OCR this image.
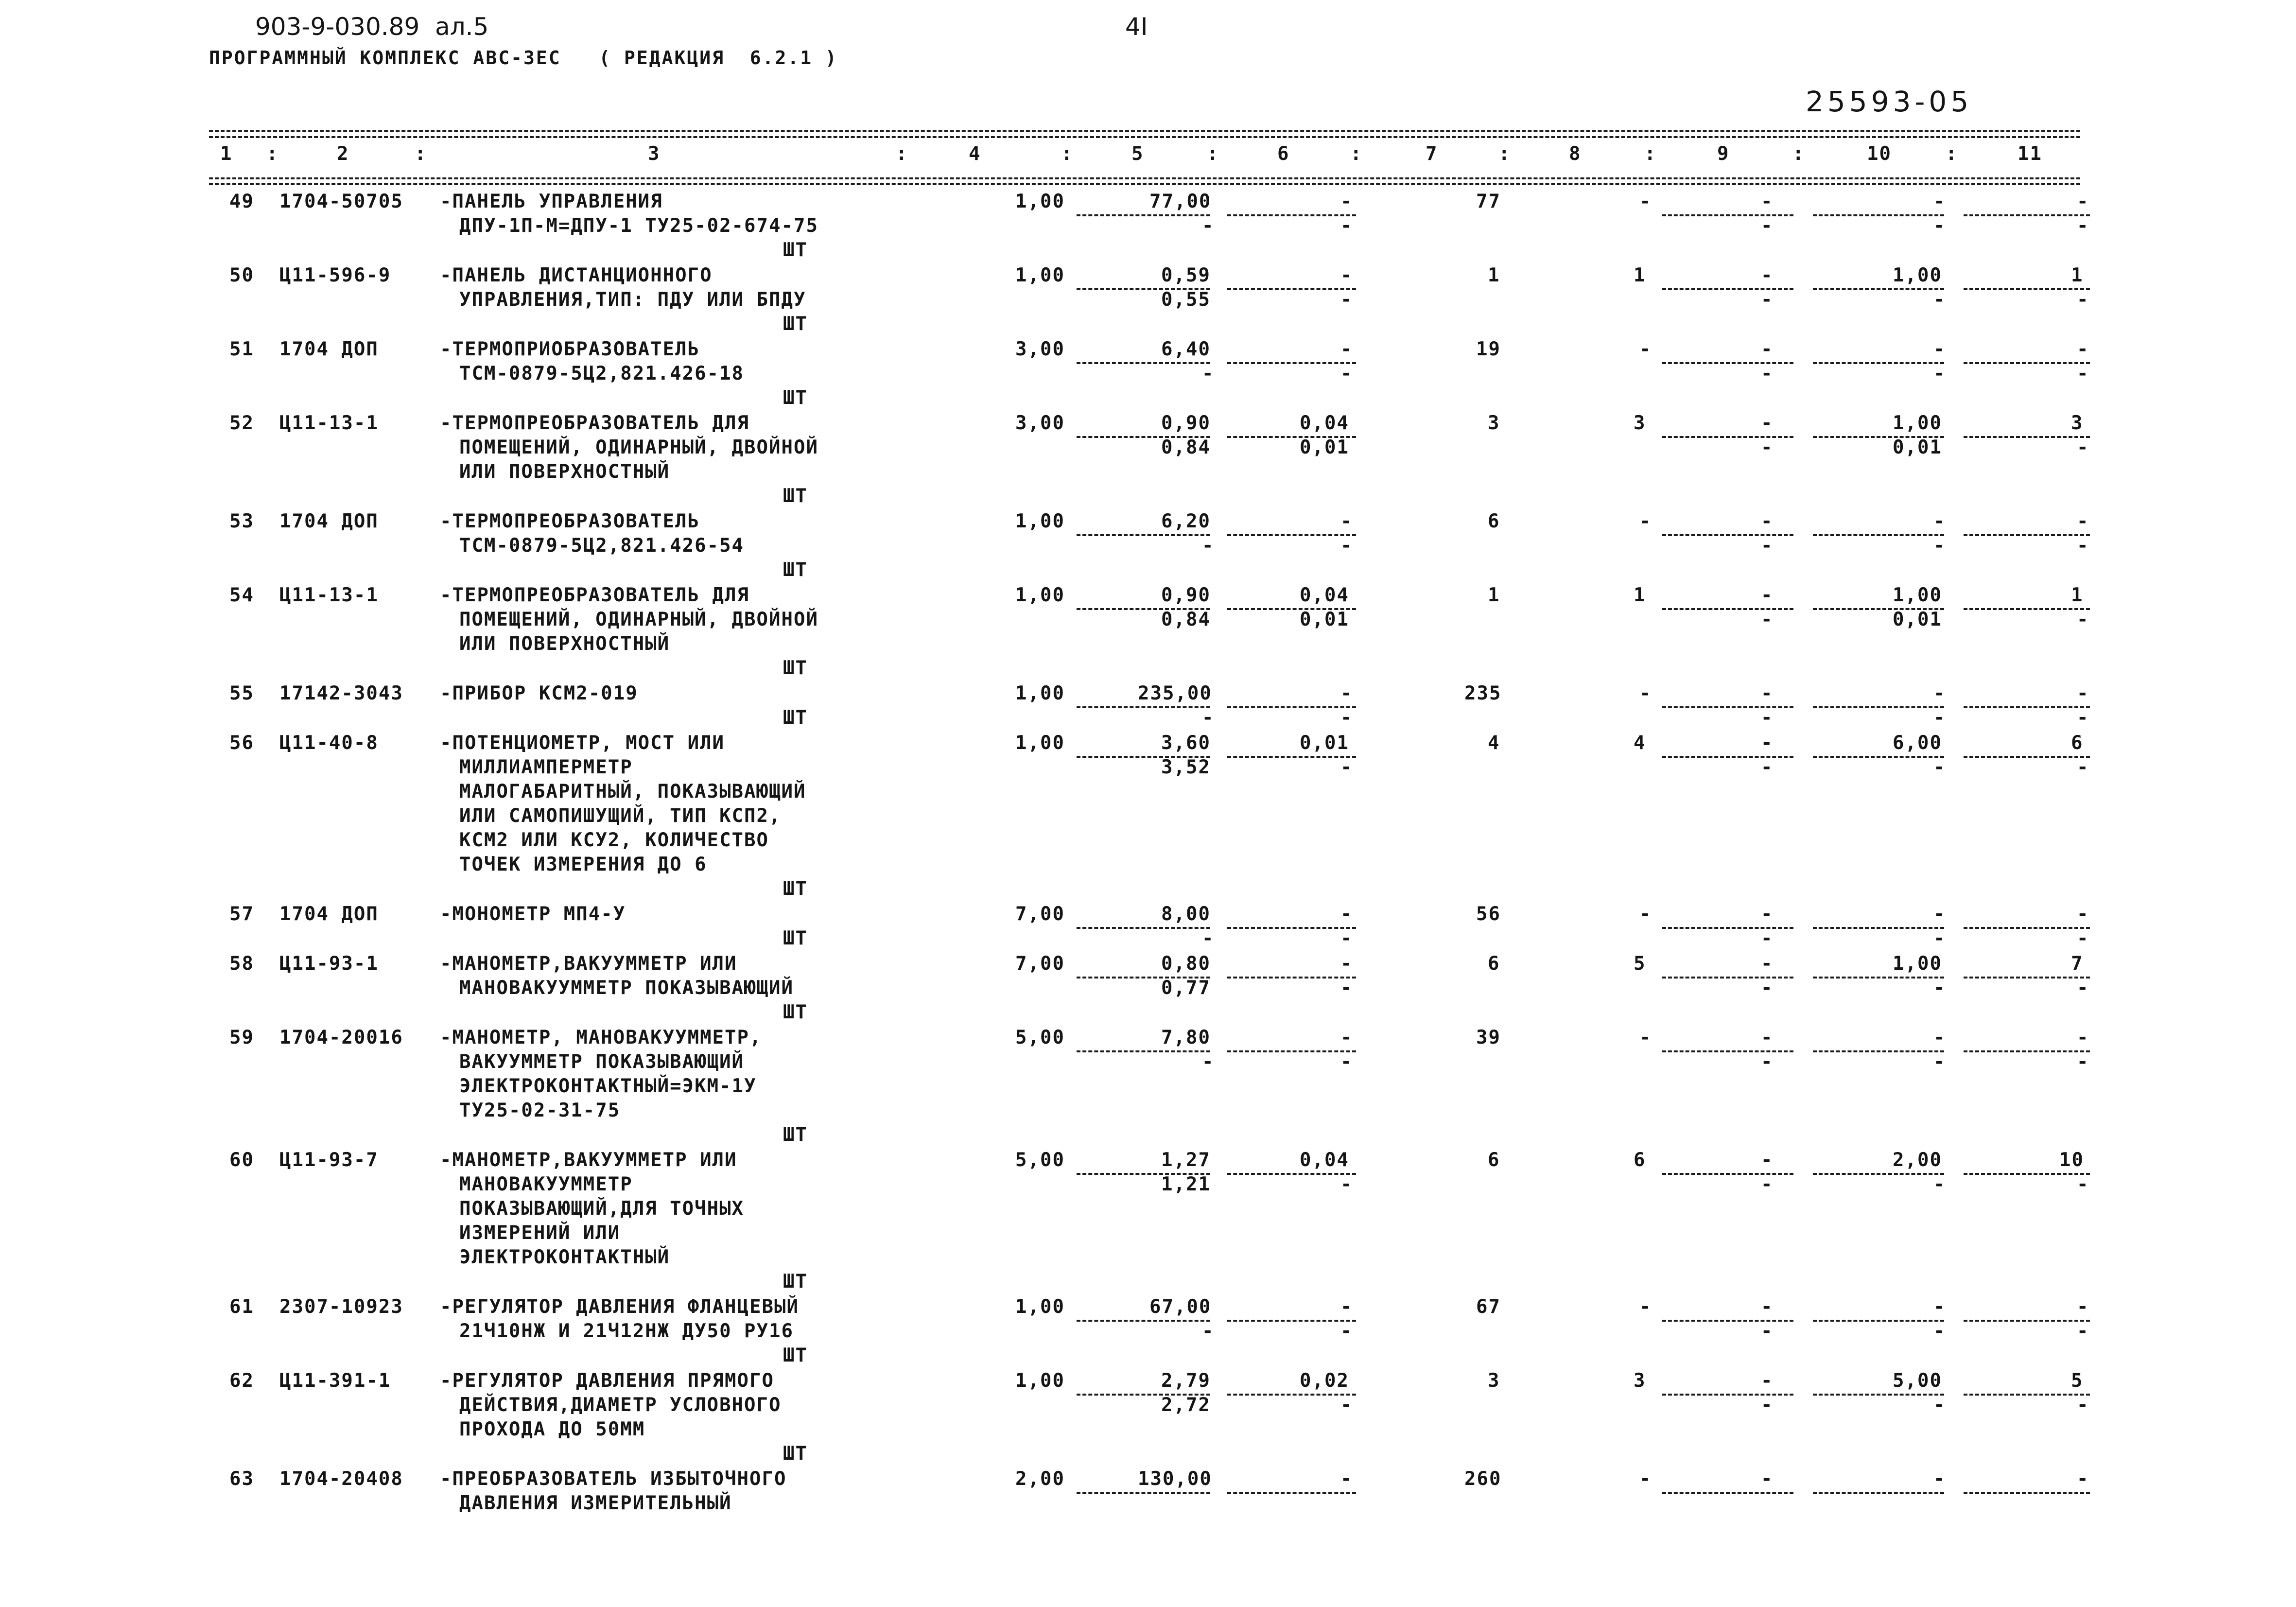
903-9-030.89  ал.5	4I
ПРОГРАММНЫЙ КОМПЛЕКС АВС-ЗЕС   ( РЕДАКЦИЯ  6.2.1 )
25593-05
1 :	2	:	3	:	4	:	5	:	6	:	7	:	8	:	9	:	10	:	11
49 1704-50705 -ПАНЕЛЬ УПРАВЛЕНИЯ
ДПУ-1П-М=ДПУ-1 ТУ25-02-674-75
1,00	77,00	-	77	-	-	-	-
-	-	-	-	-
ШТ
50 Ц11-596-9	-ПАНЕЛЬ ДИСТАНЦИОННОГО
УПРАВЛЕНИЯ,ТИП: ПДУ ИЛИ БПДУ
1,00	0,59	-	1	1	-	1,00	1
0,55	-	-	-	-
ШТ
51 1704 ДОП	-ТЕРМОПРИОБРАЗОВАТЕЛЬ
ТСМ-0879-5Ц2,821.426-18
3,00	6,40	-	19	-	-	-	-
-	-	-	-	-
ШТ
52 Ц11-13-1	-ТЕРМОПРЕОБРАЗОВАТЕЛЬ ДЛЯ
ПОМЕЩЕНИЙ, ОДИНАРНЫЙ, ДВОЙНОЙ
ИЛИ ПОВЕРХНОСТНЫЙ
3,00	0,90	0,04	3	3	-	1,00	3
0,84	0,01	-	0,01	-
ШТ
53 1704 ДОП	-ТЕРМОПРЕОБРАЗОВАТЕЛЬ
ТСМ-0879-5Ц2,821.426-54
1,00	6,20	-	6	-	-	-	-
-	-	-	-	-
ШТ
54 Ц11-13-1	-ТЕРМОПРЕОБРАЗОВАТЕЛЬ ДЛЯ
ПОМЕЩЕНИЙ, ОДИНАРНЫЙ, ДВОЙНОЙ
ИЛИ ПОВЕРХНОСТНЫЙ
1,00	0,90	0,04	1	1	-	1,00	1
0,84	0,01	-	0,01	-
ШТ
55 17142-3043 -ПРИБОР КСМ2-019	1,00	235,00	-	235	-	-	-	-
-	-	-	-	-
ШТ
56 Ц11-40-8	-ПОТЕНЦИОМЕТР, МОСТ ИЛИ
МИЛЛИАМПЕРМЕТР
МАЛОГАБАРИТНЫЙ, ПОКАЗЫВАЮЩИЙ
ИЛИ САМОПИШУЩИЙ, ТИП КСП2,
КСМ2 ИЛИ КСУ2, КОЛИЧЕСТВО
ТОЧЕК ИЗМЕРЕНИЯ ДО 6
1,00	3,60	0,01	4	4	-	6,00	6
3,52	-	-	-	-
ШТ
57 1704 ДОП	-МОНОМЕТР МП4-У	7,00	8,00	-	56	-	-	-	-
-	-	-	-	-
ШТ
58 Ц11-93-1	-МАНОМЕТР,ВАКУУММЕТР ИЛИ
МАНОВАКУУММЕТР ПОКАЗЫВАЮЩИЙ
7,00	0,80	-	6	5	-	1,00	7
0,77	-	-	-	-
ШТ
59 1704-20016 -МАНОМЕТР, МАНОВАКУУММЕТР,
ВАКУУММЕТР ПОКАЗЫВАЮЩИЙ
ЭЛЕКТРОКОНТАКТНЫЙ=ЭКМ-1У
ТУ25-02-31-75
5,00	7,80	-	39	-	-	-	-
-	-	-	-	-
ШТ
60 Ц11-93-7	-МАНОМЕТР,ВАКУУММЕТР ИЛИ
МАНОВАКУУММЕТР
ПОКАЗЫВАЮЩИЙ,ДЛЯ ТОЧНЫХ
ИЗМЕРЕНИЙ ИЛИ
ЭЛЕКТРОКОНТАКТНЫЙ
5,00	1,27	0,04	6	6	-	2,00	10
1,21	-	-	-	-
ШТ
61 2307-10923 -РЕГУЛЯТОР ДАВЛЕНИЯ ФЛАНЦЕВЫЙ
21Ч10НЖ И 21Ч12НЖ ДУ50 РУ16
1,00	67,00	-	67	-	-	-	-
-	-	-	-	-
ШТ
62 Ц11-391-1	-РЕГУЛЯТОР ДАВЛЕНИЯ ПРЯМОГО
ДЕЙСТВИЯ,ДИАМЕТР УСЛОВНОГО
ПРОХОДА ДО 50ММ
1,00	2,79	0,02	3	3	-	5,00	5
2,72	-	-	-	-
ШТ
63 1704-20408 -ПРЕОБРАЗОВАТЕЛЬ ИЗБЫТОЧНОГО
ДАВЛЕНИЯ ИЗМЕРИТЕЛЬНЫЙ
2,00	130,00	-	260	-	-	-	-
